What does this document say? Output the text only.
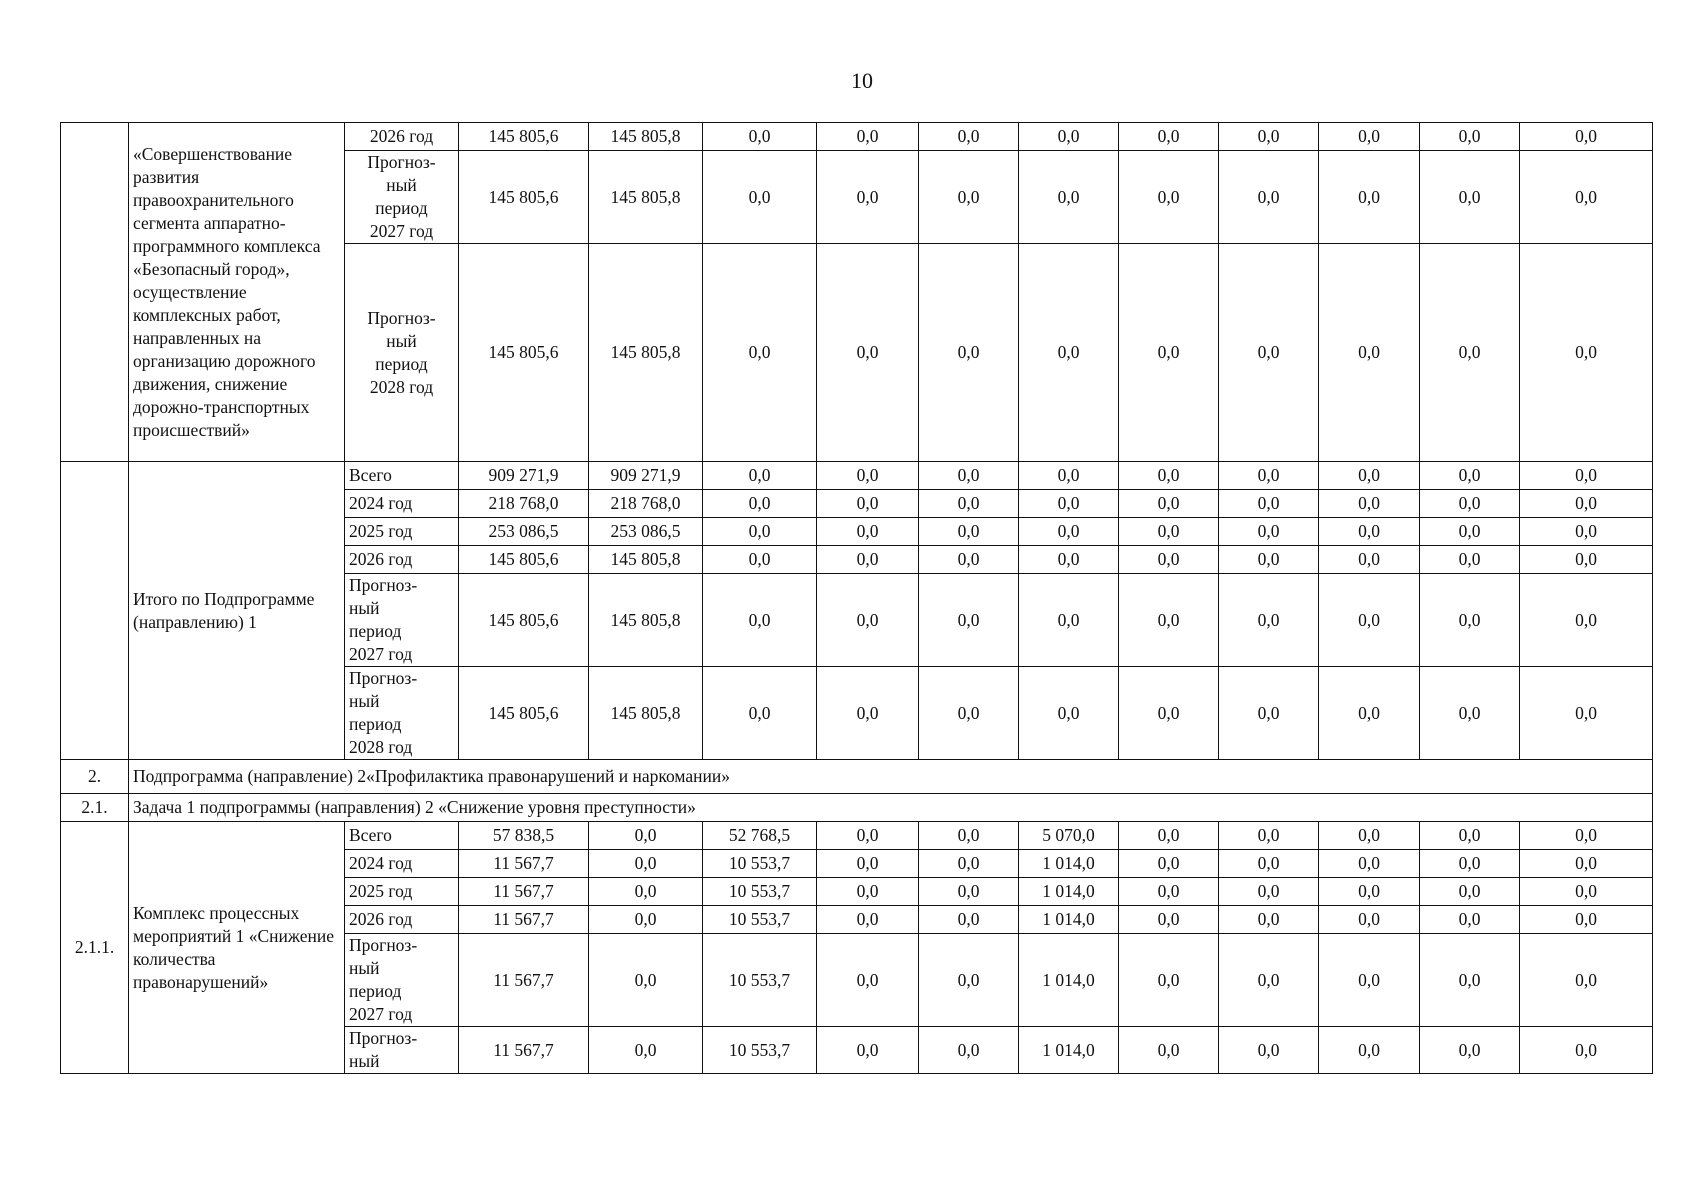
10
	«Совершенствование развития правоохранительного сегмента аппаратно-программного комплекса «Безопасный город», осуществление комплексных работ, направленных на организацию дорожного движения, снижение дорожно-транспортных происшествий»	2026 год	145 805,6	145 805,8	0,0	0,0	0,0	0,0	0,0	0,0	0,0	0,0	0,0
		Прогноз-
ный
период
2027 год	145 805,6	145 805,8	0,0	0,0	0,0	0,0	0,0	0,0	0,0	0,0	0,0
		Прогноз-
ный
период
2028 год	145 805,6	145 805,8	0,0	0,0	0,0	0,0	0,0	0,0	0,0	0,0	0,0
	Итого по Подпрограмме (направлению) 1	Всего	909 271,9	909 271,9	0,0	0,0	0,0	0,0	0,0	0,0	0,0	0,0	0,0
		2024 год	218 768,0	218 768,0	0,0	0,0	0,0	0,0	0,0	0,0	0,0	0,0	0,0
		2025 год	253 086,5	253 086,5	0,0	0,0	0,0	0,0	0,0	0,0	0,0	0,0	0,0
		2026 год	145 805,6	145 805,8	0,0	0,0	0,0	0,0	0,0	0,0	0,0	0,0	0,0
		Прогноз-
ный
период
2027 год	145 805,6	145 805,8	0,0	0,0	0,0	0,0	0,0	0,0	0,0	0,0	0,0
		Прогноз-
ный
период
2028 год	145 805,6	145 805,8	0,0	0,0	0,0	0,0	0,0	0,0	0,0	0,0	0,0
2.	Подпрограмма (направление) 2«Профилактика правонарушений и наркомании»												
2.1.	Задача 1 подпрограммы (направления) 2 «Снижение уровня преступности»												
2.1.1.	Комплекс процессных мероприятий 1 «Снижение количества правонарушений»	Всего	57 838,5	0,0	52 768,5	0,0	0,0	5 070,0	0,0	0,0	0,0	0,0	0,0
		2024 год	11 567,7	0,0	10 553,7	0,0	0,0	1 014,0	0,0	0,0	0,0	0,0	0,0
		2025 год	11 567,7	0,0	10 553,7	0,0	0,0	1 014,0	0,0	0,0	0,0	0,0	0,0
		2026 год	11 567,7	0,0	10 553,7	0,0	0,0	1 014,0	0,0	0,0	0,0	0,0	0,0
		Прогноз-
ный
период
2027 год	11 567,7	0,0	10 553,7	0,0	0,0	1 014,0	0,0	0,0	0,0	0,0	0,0
		Прогноз-
ный	11 567,7	0,0	10 553,7	0,0	0,0	1 014,0	0,0	0,0	0,0	0,0	0,0
